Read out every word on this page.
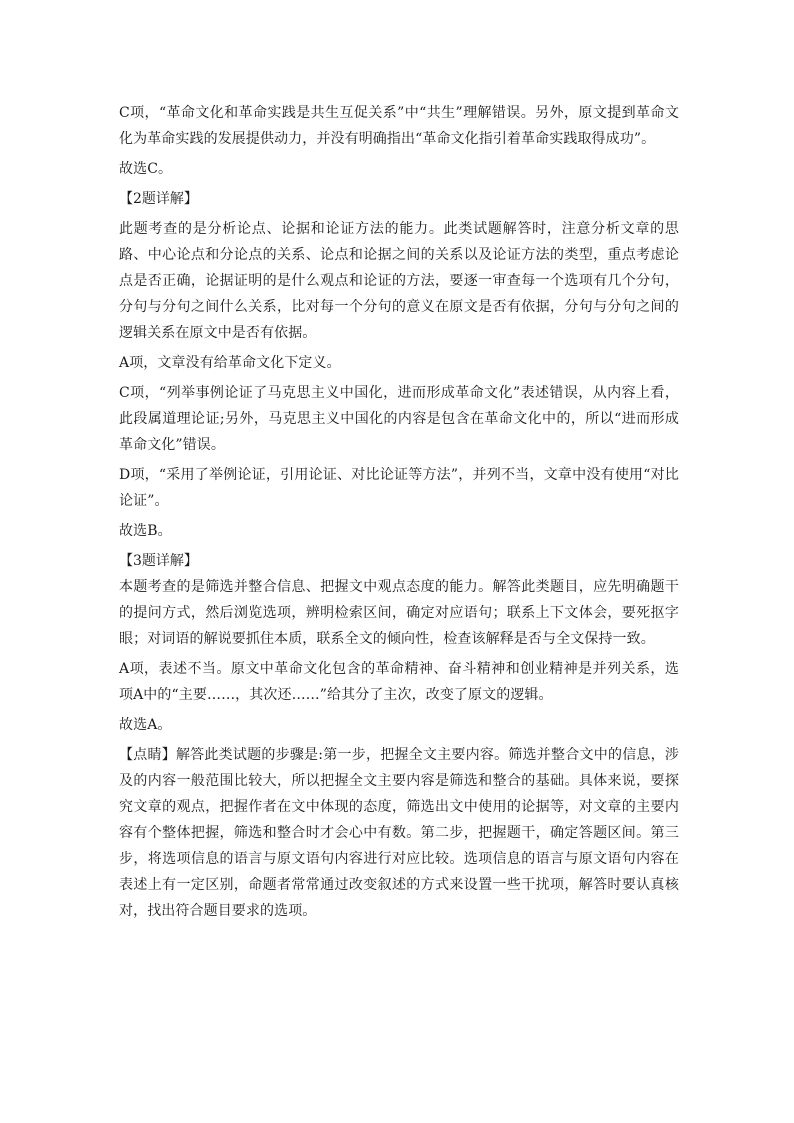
C项，“革命文化和革命实践是共生互促关系”中“共生”理解错误。另外，原文提到革命文化为革命实践的发展提供动力，并没有明确指出“革命文化指引着革命实践取得成功”。

故选C。

【2题详解】

此题考查的是分析论点、论据和论证方法的能力。此类试题解答时，注意分析文章的思路、中心论点和分论点的关系、论点和论据之间的关系以及论证方法的类型，重点考虑论点是否正确，论据证明的是什么观点和论证的方法，要逐一审查每一个选项有几个分句，分句与分句之间什么关系，比对每一个分句的意义在原文是否有依据，分句与分句之间的逻辑关系在原文中是否有依据。

A项，文章没有给革命文化下定义。

C项，“列举事例论证了马克思主义中国化，进而形成革命文化”表述错误，从内容上看，此段属道理论证;另外，马克思主义中国化的内容是包含在革命文化中的，所以“进而形成革命文化”错误。

D项，“采用了举例论证，引用论证、对比论证等方法”，并列不当，文章中没有使用“对比论证”。

故选B。

【3题详解】

本题考查的是筛选并整合信息、把握文中观点态度的能力。解答此类题目，应先明确题干的提问方式，然后浏览选项，辨明检索区间，确定对应语句；联系上下文体会，要死抠字眼；对词语的解说要抓住本质，联系全文的倾向性，检查该解释是否与全文保持一致。

A项，表述不当。原文中革命文化包含的革命精神、奋斗精神和创业精神是并列关系，选项A中的“主要……，其次还……”给其分了主次，改变了原文的逻辑。

故选A。

【点睛】解答此类试题的步骤是:第一步，把握全文主要内容。筛选并整合文中的信息，涉及的内容一般范围比较大，所以把握全文主要内容是筛选和整合的基础。具体来说，要探究文章的观点，把握作者在文中体现的态度，筛选出文中使用的论据等，对文章的主要内容有个整体把握，筛选和整合时才会心中有数。第二步，把握题干，确定答题区间。第三步，将选项信息的语言与原文语句内容进行对应比较。选项信息的语言与原文语句内容在表述上有一定区别，命题者常常通过改变叙述的方式来设置一些干扰项，解答时要认真核对，找出符合题目要求的选项。
